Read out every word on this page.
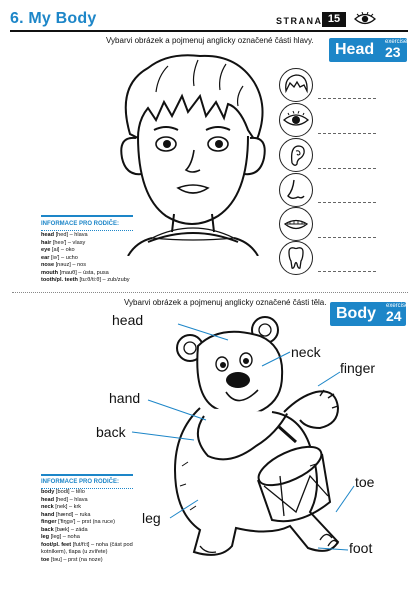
6. My Body	STRANA 15
Vybarvi obrázek a pojmenuj anglicky označené části hlavy.
Head exercise
23
INFORMACE PRO RODIČE:
head [hed] – hlava
hair [heə'] – vlasy
eye [ai] – oko
ear [iə'] – ucho
nose [nəuz] – nos
mouth [mauθ] – ústa, pusa
tooth/pl. teeth [tu:θ/ti:θ] – zub/zuby
Vybarvi obrázek a pojmenuj anglicky označené části těla.
Body exercise
24
head
neck
finger
hand
back
toe
leg
foot
INFORMACE PRO RODIČE:
body [bodi] – tělo
head [hed] – hlava
neck [nek] – krk
hand [hænd] – ruka
finger ['fiŋgə'] – prst (na ruce)
back [bæk] – záda
leg [leg] – noha
foot/pl. feet [fut/fi:t] – noha (část pod kotníkem), tlapa (u zvířete)
toe [təu] – prst (na noze)
